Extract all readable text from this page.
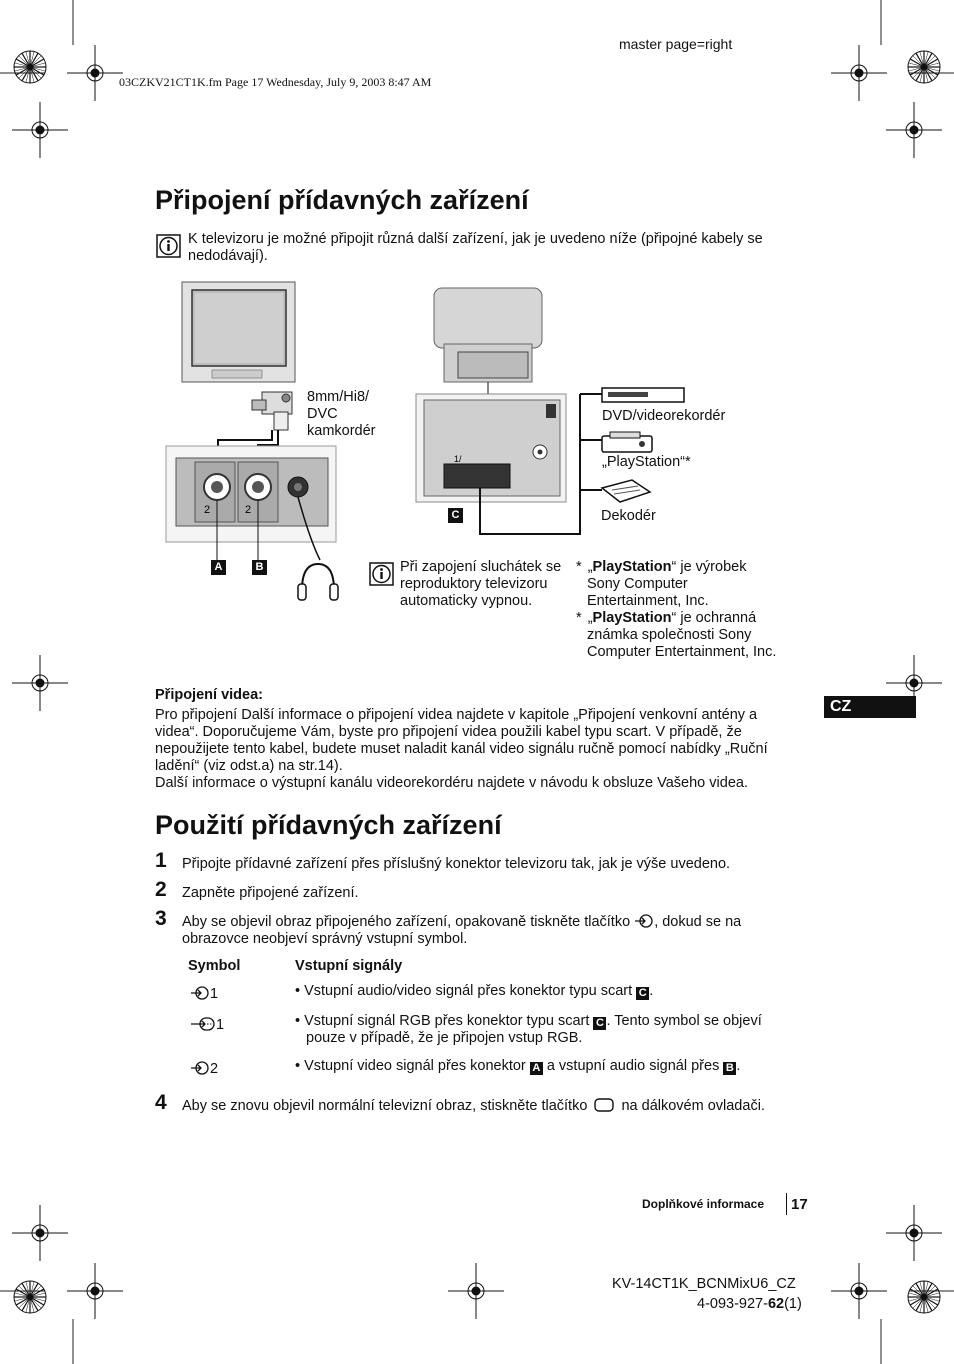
master page=right
03CZKV21CT1K.fm Page 17 Wednesday, July 9, 2003 8:47 AM
Připojení přídavných zařízení
K televizoru je možné připojit různá další zařízení, jak je uvedeno níže (připojné kabely se nedodávají).
2	2
8mm/Hi8/
DVC
kamkordér
A	B
1/
DVD/videorekordér
„PlayStation“*
Dekodér
C
Při zapojení sluchátek se
reproduktory televizoru
automaticky vypnou.
* „PlayStation“ je výrobek
Sony Computer
Entertainment, Inc.
* „PlayStation“ je ochranná
známka společnosti Sony
Computer Entertainment, Inc.
Připojení videa:
Pro připojení Další informace o připojení videa najdete v kapitole „Připojení venkovní antény a
videa“. Doporučujeme Vám, byste pro připojení videa použili kabel typu scart. V případě, že
nepoužijete tento kabel, budete muset naladit kanál video signálu ručně pomocí nabídky „Ruční
ladění“ (viz odst.a) na str.14).
Další informace o výstupní kanálu videorekordéru najdete v návodu k obsluze Vašeho videa.
CZ
Použití přídavných zařízení
1 Připojte přídavné zařízení přes příslušný konektor televizoru tak, jak je výše uvedeno.
2 Zapněte připojené zařízení.
3 Aby se objevil obraz připojeného zařízení, opakovaně tiskněte tlačítko , dokud se na
obrazovce neobjeví správný vstupní symbol.
Symbol	Vstupní signály
1	• Vstupní audio/video signál přes konektor typu scart C .
1	• Vstupní signál RGB přes konektor typu scart C . Tento symbol se objeví
pouze v případě, že je připojen vstup RGB.
2	• Vstupní video signál přes konektor A a vstupní audio signál přes B .
4 Aby se znovu objevil normální televizní obraz, stiskněte tlačítko na dálkovém ovladači.
Doplňkové informace 17
KV-14CT1K_BCNMixU6_CZ
4-093-927-62(1)
